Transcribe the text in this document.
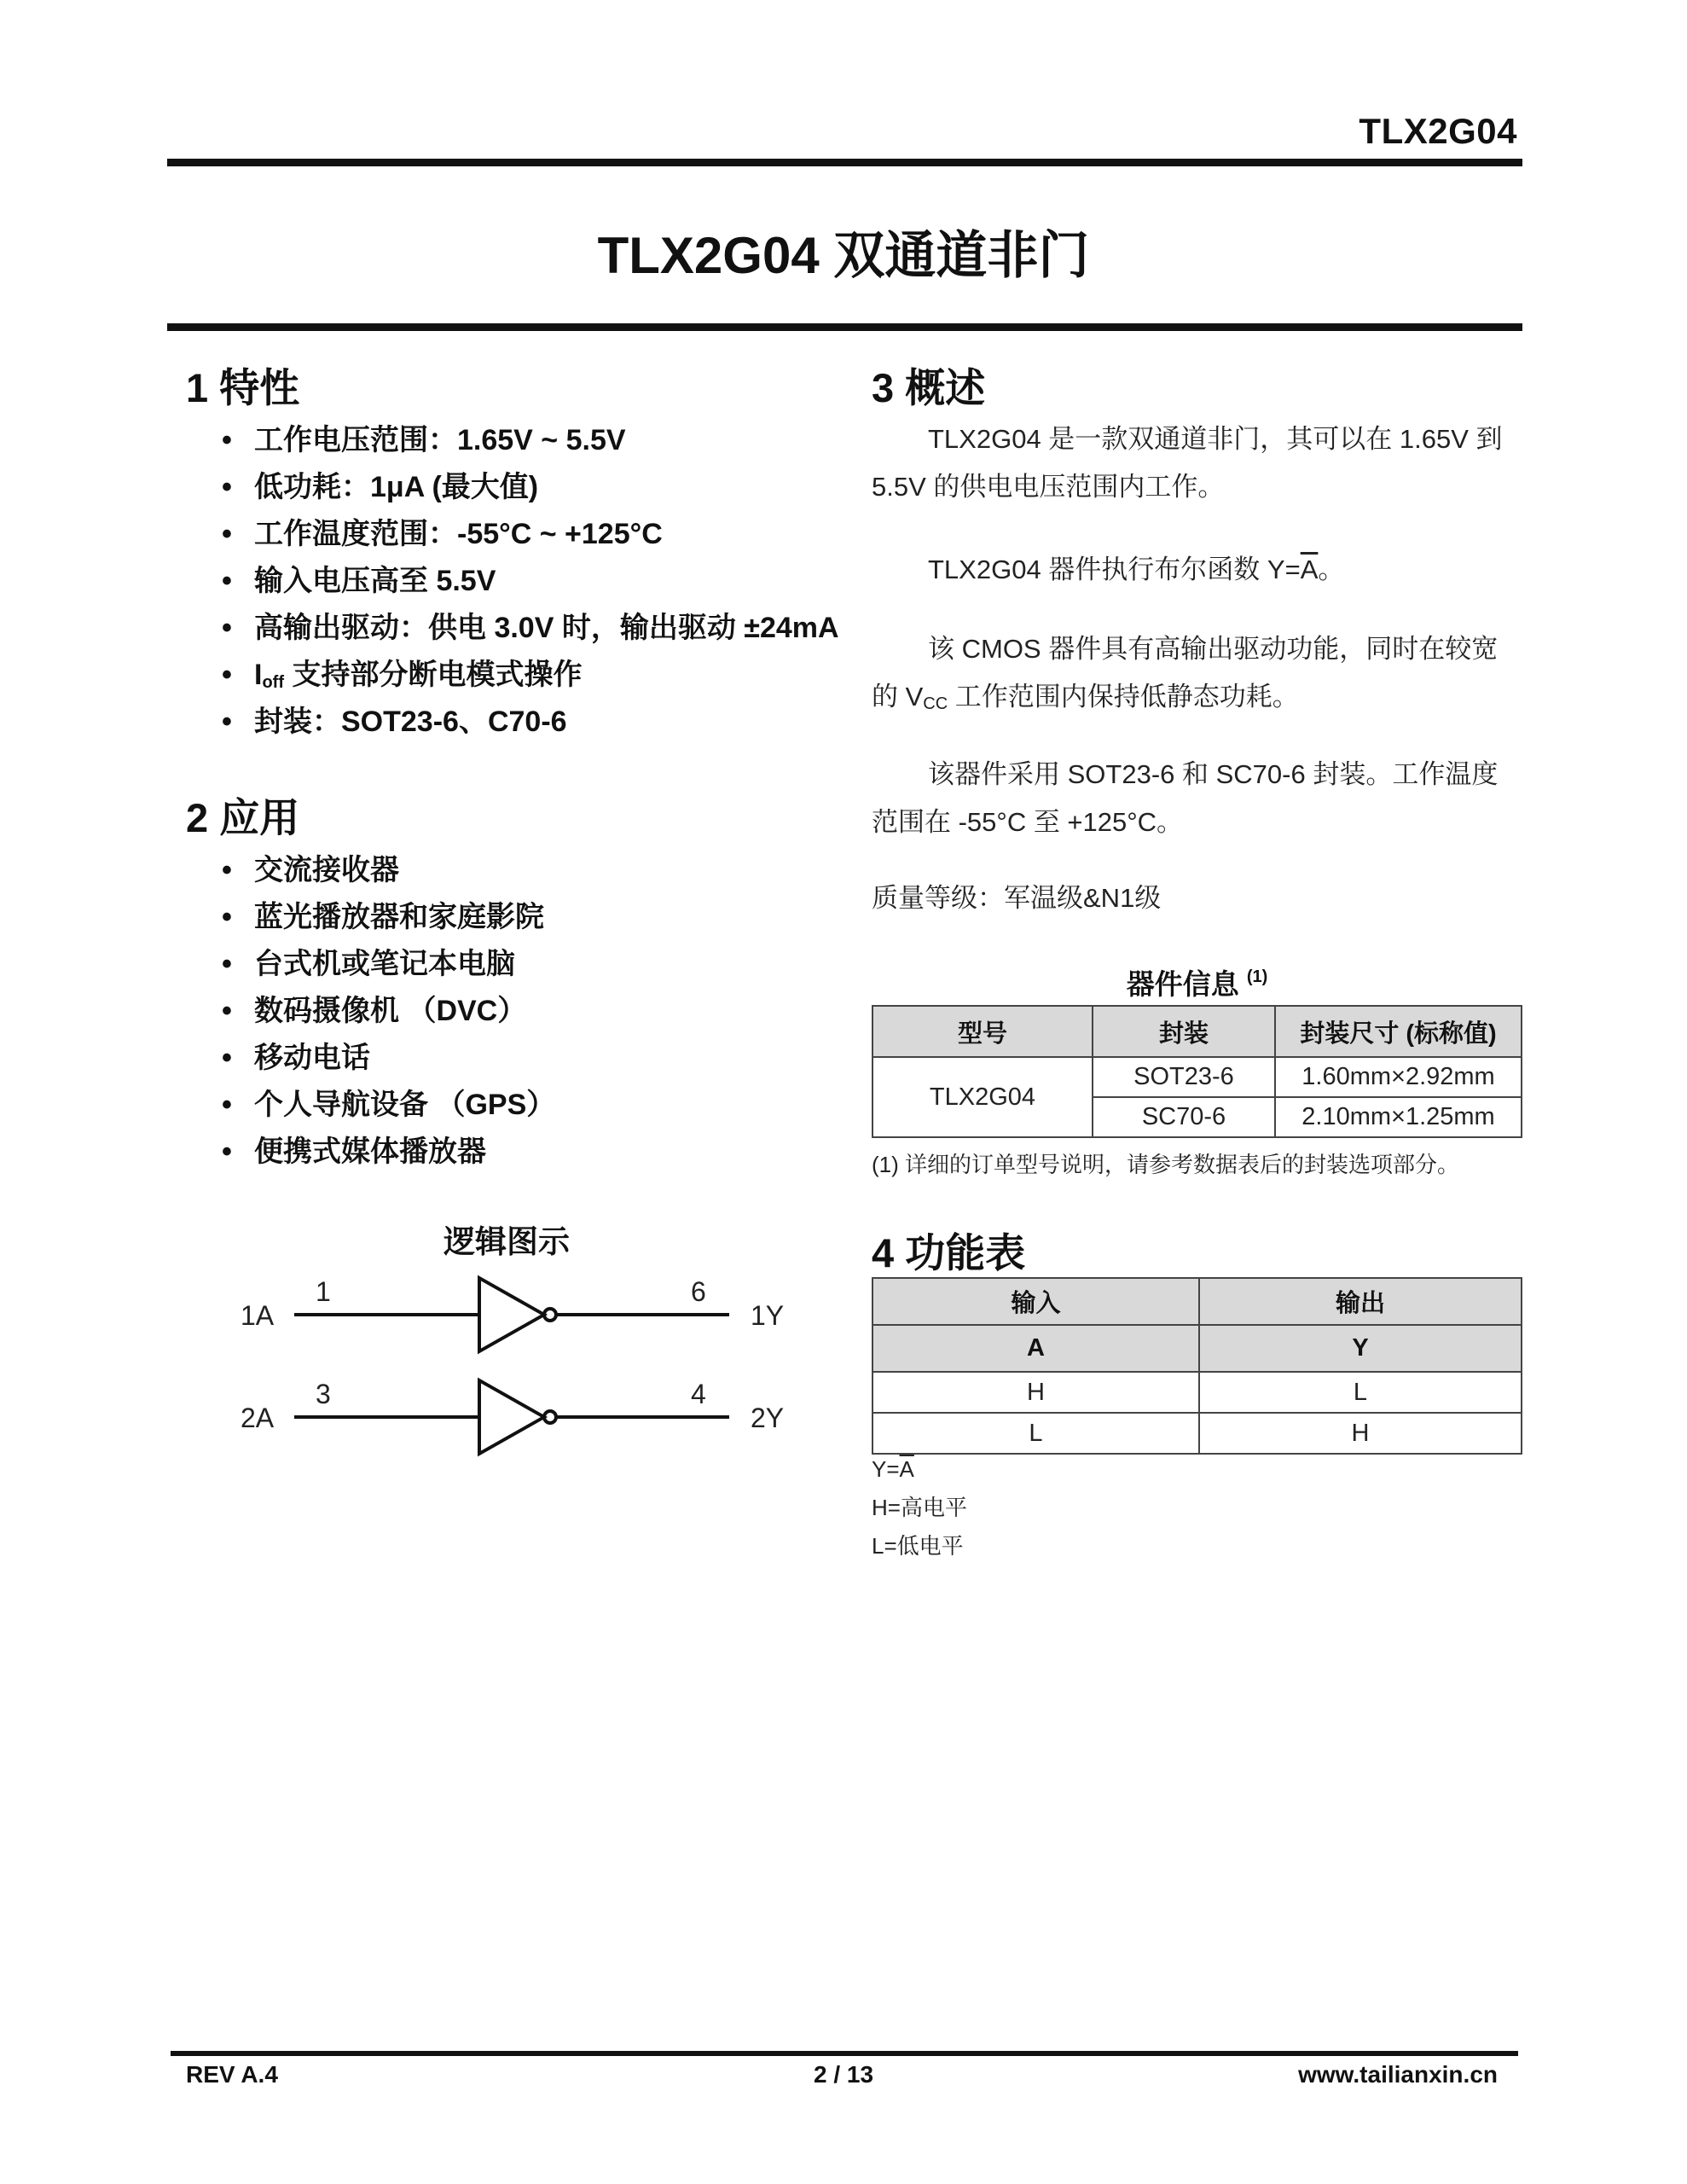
TLX2G04
TLX2G04 双通道非门
1 特性
• 工作电压范围：1.65V ~ 5.5V
• 低功耗：1μA (最大值)
• 工作温度范围：-55°C ~ +125°C
• 输入电压高至 5.5V
• 高输出驱动：供电 3.0V 时，输出驱动 ±24mA
• $I_{off}$ 支持部分断电模式操作
• 封装：SOT23-6、C70-6
2 应用
• 交流接收器
• 蓝光播放器和家庭影院
• 台式机或笔记本电脑
• 数码摄像机 （DVC）
• 移动电话
• 个人导航设备 （GPS）
• 便携式媒体播放器
逻辑图示
1A
1	6
1Y
2A
3	4
2Y
3 概述
TLX2G04 是一款双通道非门，其可以在 1.65V 到 5.5V 的供电电压范围内工作。
TLX2G04 器件执行布尔函数 $Y=\overline{A}$。
该 CMOS 器件具有高输出驱动功能，同时在较宽的 $V_{CC}$ 工作范围内保持低静态功耗。
该器件采用 SOT23-6 和 SC70-6 封装。工作温度范围在 -55°C 至 +125°C。
质量等级：军温级&N1级
器件信息 $^{(1)}$
型号	封装	封装尺寸 (标称值)
TLX2G04	SOT23-6	1.60mm×2.92mm
	SC70-6	2.10mm×1.25mm
(1) 详细的订单型号说明，请参考数据表后的封装选项部分。
4 功能表
输入	输出
A	Y
H	L
L	H
$Y=\overline{A}$
H=高电平
L=低电平
REV A.4	2 / 13	www.tailianxin.cn
